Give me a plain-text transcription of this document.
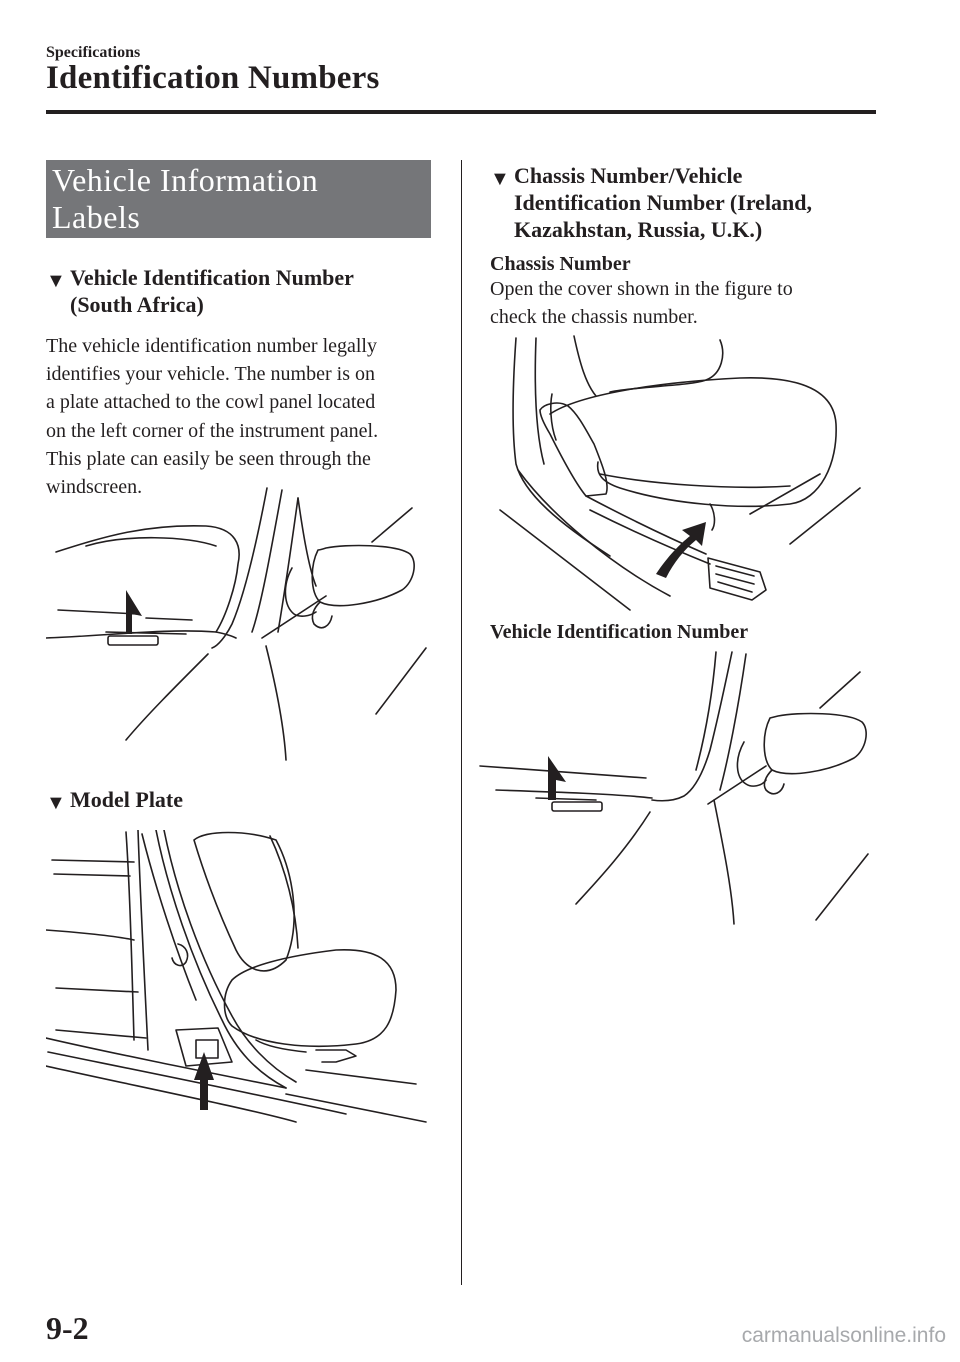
Specifications
Identification Numbers
Vehicle Information
Labels
▼ Vehicle Identification Number
(South Africa)
The vehicle identification number legally
identifies your vehicle. The number is on
a plate attached to the cowl panel located
on the left corner of the instrument panel.
This plate can easily be seen through the
windscreen.
▼ Model Plate
▼ Chassis Number/Vehicle
Identification Number (Ireland,
Kazakhstan, Russia, U.K.)
Chassis Number
Open the cover shown in the figure to
check the chassis number.
Vehicle Identification Number
9-2	carmanualsonline.info
